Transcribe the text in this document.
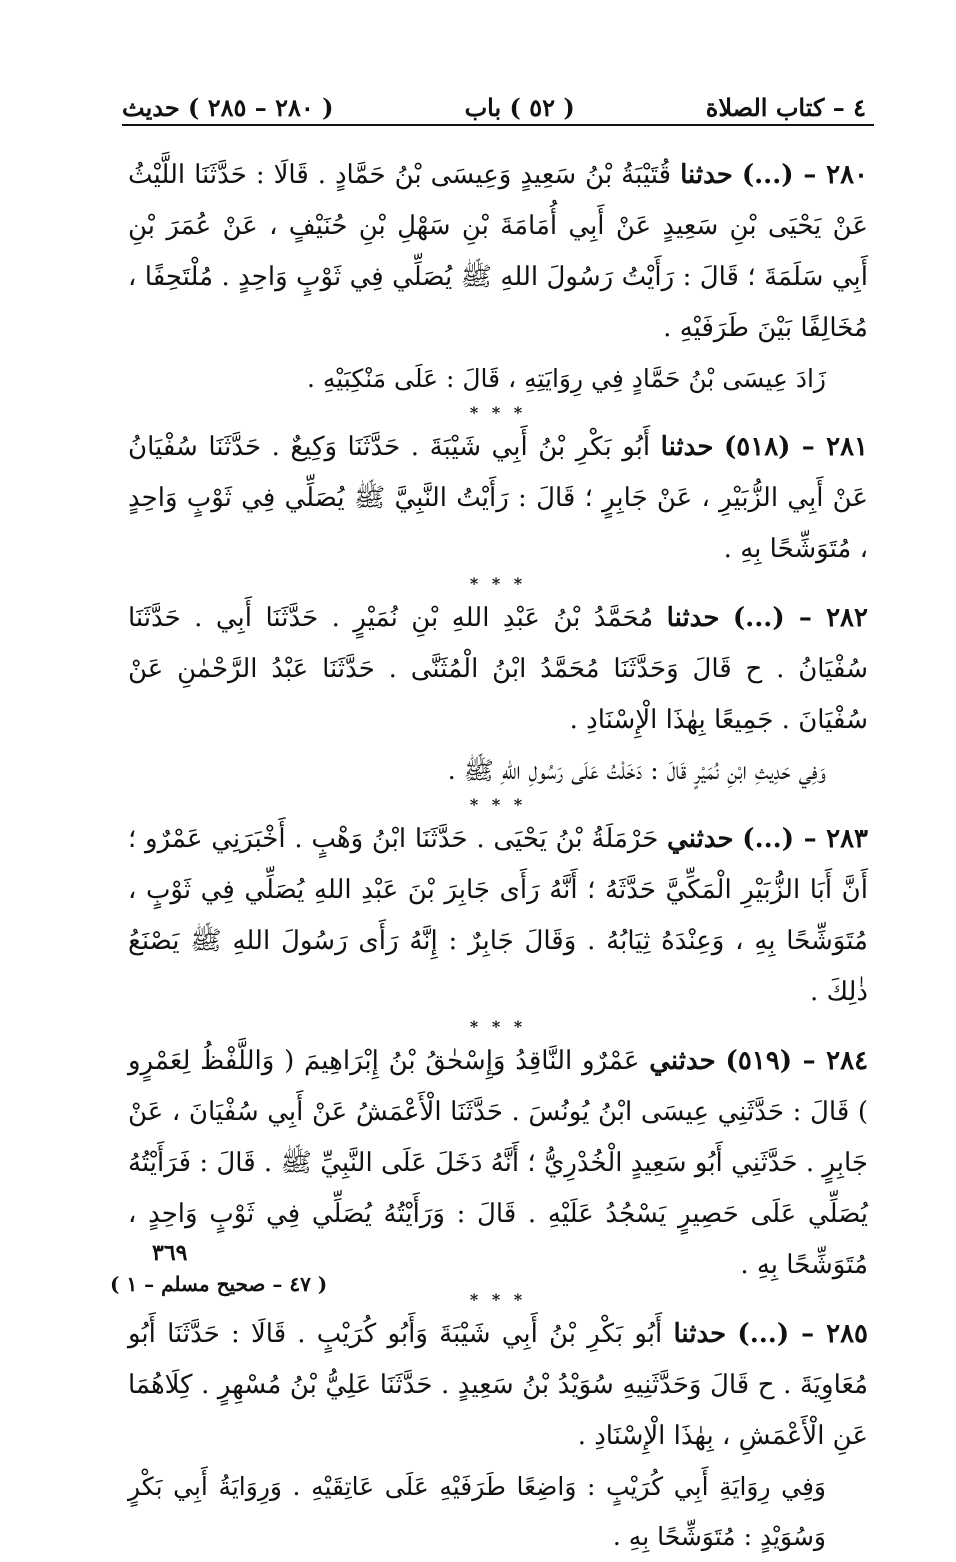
٤ – كتاب الصلاة
( ٥٢ ) باب
( ٢٨٠ – ٢٨٥ ) حديث

٢٨٠ – (...) حدثنا قُتَيْبَةُ بْنُ سَعِيدٍ وَعِيسَى بْنُ حَمَّادٍ . قَالَا : حَدَّثَنَا اللَّيْثُ عَنْ يَحْيَى بْنِ سَعِيدٍ عَنْ أَبِي أُمَامَةَ بْنِ سَهْلِ بْنِ حُنَيْفٍ ، عَنْ عُمَرَ بْنِ أَبِي سَلَمَةَ ؛ قَالَ : رَأَيْتُ رَسُولَ اللهِ ﷺ يُصَلِّي فِي ثَوْبٍ وَاحِدٍ . مُلْتَحِفًا ، مُخَالِفًا بَيْنَ طَرَفَيْهِ .

زَادَ عِيسَى بْنُ حَمَّادٍ فِي رِوَايَتِهِ ، قَالَ : عَلَى مَنْكِبَيْهِ .

* * *

٢٨١ – (٥١٨) حدثنا أَبُو بَكْرِ بْنُ أَبِي شَيْبَةَ . حَدَّثَنَا وَكِيعٌ . حَدَّثَنَا سُفْيَانُ عَنْ أَبِي الزُّبَيْرِ ، عَنْ جَابِرٍ ؛ قَالَ : رَأَيْتُ النَّبِيَّ ﷺ يُصَلِّي فِي ثَوْبٍ وَاحِدٍ ، مُتَوَشِّحًا بِهِ .

* * *

٢٨٢ – (...) حدثنا مُحَمَّدُ بْنُ عَبْدِ اللهِ بْنِ نُمَيْرٍ . حَدَّثَنَا أَبِي . حَدَّثَنَا سُفْيَانُ . ح قَالَ وَحَدَّثَنَا مُحَمَّدُ ابْنُ الْمُثَنَّى . حَدَّثَنَا عَبْدُ الرَّحْمٰنِ عَنْ سُفْيَانَ . جَمِيعًا بِهٰذَا الْإِسْنَادِ .

وَفِي حَدِيثِ ابْنِ نُمَيْرٍ قَالَ : دَخَلْتُ عَلَى رَسُولِ اللهِ ﷺ .

* * *

٢٨٣ – (...) حدثني حَرْمَلَةُ بْنُ يَحْيَى . حَدَّثَنَا ابْنُ وَهْبٍ . أَخْبَرَنِي عَمْرٌو ؛ أَنَّ أَبَا الزُّبَيْرِ الْمَكِّيَّ حَدَّثَهُ ؛ أَنَّهُ رَأَى جَابِرَ بْنَ عَبْدِ اللهِ يُصَلِّي فِي ثَوْبٍ ، مُتَوَشِّحًا بِهِ ، وَعِنْدَهُ ثِيَابُهُ . وَقَالَ جَابِرٌ : إِنَّهُ رَأَى رَسُولَ اللهِ ﷺ يَصْنَعُ ذٰلِكَ .

* * *

٢٨٤ – (٥١٩) حدثني عَمْرٌو النَّاقِدُ وَإِسْحٰقُ بْنُ إِبْرَاهِيمَ ( وَاللَّفْظُ لِعَمْرٍو ) قَالَ : حَدَّثَنِي عِيسَى ابْنُ يُونُسَ . حَدَّثَنَا الْأَعْمَشُ عَنْ أَبِي سُفْيَانَ ، عَنْ جَابِرٍ . حَدَّثَنِي أَبُو سَعِيدٍ الْخُدْرِيُّ ؛ أَنَّهُ دَخَلَ عَلَى النَّبِيِّ ﷺ . قَالَ : فَرَأَيْتُهُ يُصَلِّي عَلَى حَصِيرٍ يَسْجُدُ عَلَيْهِ . قَالَ : وَرَأَيْتُهُ يُصَلِّي فِي ثَوْبٍ وَاحِدٍ ، مُتَوَشِّحًا بِهِ .

* * *

٢٨٥ – (...) حدثنا أَبُو بَكْرِ بْنُ أَبِي شَيْبَةَ وَأَبُو كُرَيْبٍ . قَالَا : حَدَّثَنَا أَبُو مُعَاوِيَةَ . ح قَالَ وَحَدَّثَنِيهِ سُوَيْدُ بْنُ سَعِيدٍ . حَدَّثَنَا عَلِيُّ بْنُ مُسْهِرٍ . كِلَاهُمَا عَنِ الْأَعْمَشِ ، بِهٰذَا الْإِسْنَادِ .

وَفِي رِوَايَةِ أَبِي كُرَيْبٍ : وَاضِعًا طَرَفَيْهِ عَلَى عَاتِقَيْهِ . وَرِوَايَةُ أَبِي بَكْرٍ وَسُوَيْدٍ : مُتَوَشِّحًا بِهِ .

٣٦٩
( ٤٧ – صحيح مسلم – ١ )
